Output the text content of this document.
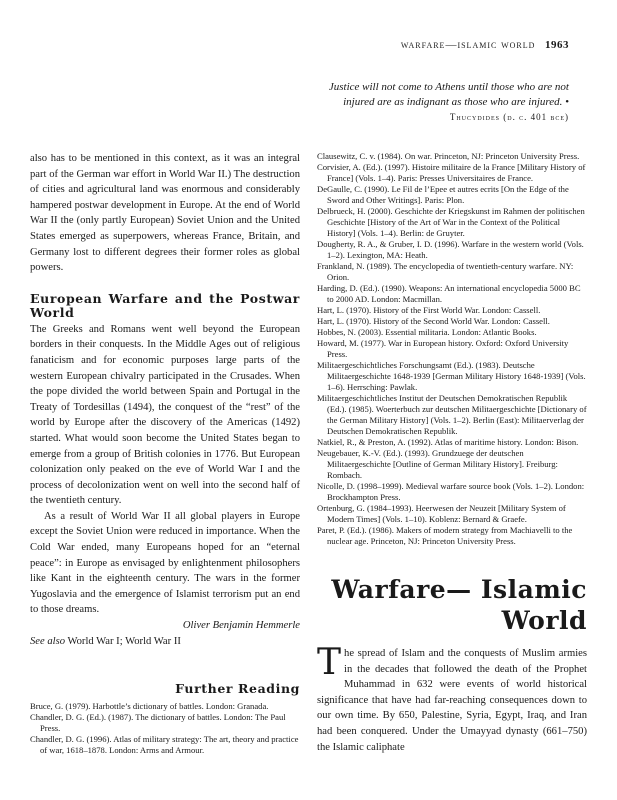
warfare—islamic world 1963
Justice will not come to Athens until those who are not injured are as indignant as those who are injured. • Thucydides (d. c. 401 bce)

also has to be mentioned in this context, as it was an integral part of the German war effort in World War II.) The destruction of cities and agricultural land was enormous and considerably hampered postwar development in Europe. At the end of World War II the (only partly European) Soviet Union and the United States emerged as superpowers, whereas France, Britain, and Germany lost to different degrees their former roles as global powers.

European Warfare and the Postwar World

The Greeks and Romans went well beyond the European borders in their conquests. In the Middle Ages out of religious fanaticism and for economic purposes large parts of the western European chivalry participated in the Crusades. When the pope divided the world between Spain and Portugal in the Treaty of Tordesillas (1494), the conquest of the “rest” of the world by Europe after the discovery of the Americas (1492) started. What would soon become the United States began to emerge from a group of British colonies in 1776. But European colonization only peaked on the eve of World War I and the process of decolonization went on well into the second half of the twentieth century.

As a result of World War II all global players in Europe except the Soviet Union were reduced in importance. When the Cold War ended, many Europeans hoped for an “eternal peace”: in Europe as envisaged by enlightenment philosophers like Kant in the eighteenth century. The wars in the former Yugoslavia and the emergence of Islamist terrorism put an end to those dreams.

Oliver Benjamin Hemmerle

See also World War I; World War II

Further Reading
Bruce, G. (1979). Harbottle’s dictionary of battles. London: Granada.
Chandler, D. G. (Ed.). (1987). The dictionary of battles. London: The Paul Press.
Chandler, D. G. (1996). Atlas of military strategy: The art, theory and practice of war, 1618–1878. London: Arms and Armour.
Clausewitz, C. v. (1984). On war. Princeton, NJ: Princeton University Press.
Corvisier, A. (Ed.). (1997). Histoire militaire de la France [Military History of France] (Vols. 1–4). Paris: Presses Universitaires de France.
DeGaulle, C. (1990). Le Fil de l’Epee et autres ecrits [On the Edge of the Sword and Other Writings]. Paris: Plon.
Delbrueck, H. (2000). Geschichte der Kriegskunst im Rahmen der politischen Geschichte [History of the Art of War in the Context of the Political History] (Vols. 1–4). Berlin: de Gruyter.
Dougherty, R. A., & Gruber, I. D. (1996). Warfare in the western world (Vols. 1–2). Lexington, MA: Heath.
Frankland, N. (1989). The encyclopedia of twentieth-century warfare. NY: Orion.
Harding, D. (Ed.). (1990). Weapons: An international encyclopedia 5000 BC to 2000 AD. London: Macmillan.
Hart, L. (1970). History of the First World War. London: Cassell.
Hart, L. (1970). History of the Second World War. London: Cassell.
Hobbes, N. (2003). Essential militaria. London: Atlantic Books.
Howard, M. (1977). War in European history. Oxford: Oxford University Press.
Militaergeschichtliches Forschungsamt (Ed.). (1983). Deutsche Militaergeschichte 1648-1939 [German Military History 1648-1939] (Vols. 1–6). Herrsching: Pawlak.
Militaergeschichtliches Institut der Deutschen Demokratischen Republik (Ed.). (1985). Woerterbuch zur deutschen Militaergeschichte [Dictionary of the German Military History] (Vols. 1–2). Berlin (East): Militaerverlag der Deutschen Demokratischen Republik.
Natkiel, R., & Preston, A. (1992). Atlas of maritime history. London: Bison.
Neugebauer, K.-V. (Ed.). (1993). Grundzuege der deutschen Militaergeschichte [Outline of German Military History]. Freiburg: Rombach.
Nicolle, D. (1998–1999). Medieval warfare source book (Vols. 1–2). London: Brockhampton Press.
Ortenburg, G. (1984–1993). Heerwesen der Neuzeit [Military System of Modern Times] (Vols. 1–10). Koblenz: Bernard & Graefe.
Paret, P. (Ed.). (1986). Makers of modern strategy from Machiavelli to the nuclear age. Princeton, NJ: Princeton University Press.
Warfare— Islamic World
T he spread of Islam and the conquests of Muslim armies in the decades that followed the death of the Prophet Muhammad in 632 were events of world historical significance that have had far-reaching consequences down to our own time. By 650, Palestine, Syria, Egypt, Iraq, and Iran had been conquered. Under the Umayyad dynasty (661–750) the Islamic caliphate
